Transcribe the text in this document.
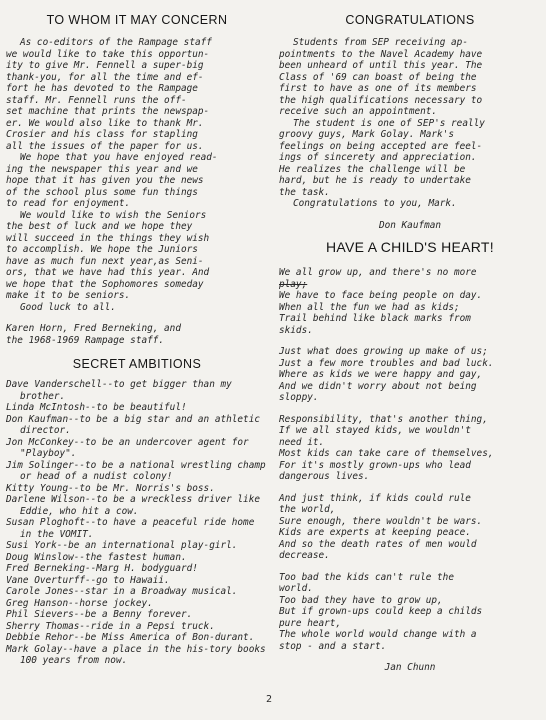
TO WHOM IT MAY CONCERN

As co-editors of the Rampage staff

we would like to take this opportun-

ity to give Mr. Fennell a super-big

thank-you, for all the time and ef-

fort he has devoted to the Rampage

staff. Mr. Fennell runs the off-

set machine that prints the newspap-

er. We would also like to thank Mr.

Crosier and his class for stapling

all the issues of the paper for us.

We hope that you have enjoyed read-

ing the newspaper this year and we

hope that it has given you the news

of the school plus some fun things

to read for enjoyment.

We would like to wish the Seniors

the best of luck and we hope they

will succeed in the things they wish

to accomplish. We hope the Juniors

have as much fun next year,as Seni-

ors, that we have had this year. And

we hope that the Sophomores someday

make it to be seniors.

Good luck to all.

Karen Horn, Fred Berneking, and

the 1968-1969 Rampage staff.

SECRET AMBITIONS

Dave Vanderschell--to get bigger than my brother.

Linda McIntosh--to be beautiful!

Don Kaufman--to be a big star and an athletic director.

Jon McConkey--to be an undercover agent for "Playboy".

Jim Solinger--to be a national wrestling champ or head of a nudist colony!

Kitty Young--to be Mr. Norris's boss.

Darlene Wilson--to be a wreckless driver like Eddie, who hit a cow.

Susan Ploghoft--to have a peaceful ride home in the VOMIT.

Susi York--be an international play-girl.

Doug Winslow--the fastest human.

Fred Berneking--Marg H. bodyguard!

Vane Overturff--go to Hawaii.

Carole Jones--star in a Broadway musical.

Greg Hanson--horse jockey.

Phil Sievers--be a Benny forever.

Sherry Thomas--ride in a Pepsi truck.

Debbie Rehor--be Miss America of Bon-durant.

Mark Golay--have a place in the his-tory books 100 years from now.

CONGRATULATIONS

Students from SEP receiving ap-

pointments to the Navel Academy have

been unheard of until this year. The

Class of '69 can boast of being the

first to have as one of its members

the high qualifications necessary to

receive such an appointment.

The student is one of SEP's really

groovy guys, Mark Golay. Mark's

feelings on being accepted are feel-

ings of sincerety and appreciation.

He realizes the challenge will be

hard, but he is ready to undertake

the task.

Congratulations to you, Mark.

Don Kaufman

HAVE A CHILD'S HEART!

We all grow up, and there's no more

play;

We have to face being people on day.

When all the fun we had as kids;

Trail behind like black marks from

skids.

Just what does growing up make of us;

Just a few more troubles and bad luck.

Where as kids we were happy and gay,

And we didn't worry about not being

sloppy.

Responsibility, that's another thing,

If we all stayed kids, we wouldn't

need it.

Most kids can take care of themselves,

For it's mostly grown-ups who lead

dangerous lives.

And just think, if kids could rule

the world,

Sure enough, there wouldn't be wars.

Kids are experts at keeping peace.

And so the death rates of men would

decrease.

Too bad the kids can't rule the

world.

Too bad they have to grow up,

But if grown-ups could keep a childs

pure heart,

The whole world would change with a

stop - and a start.

Jan Chunn

2
